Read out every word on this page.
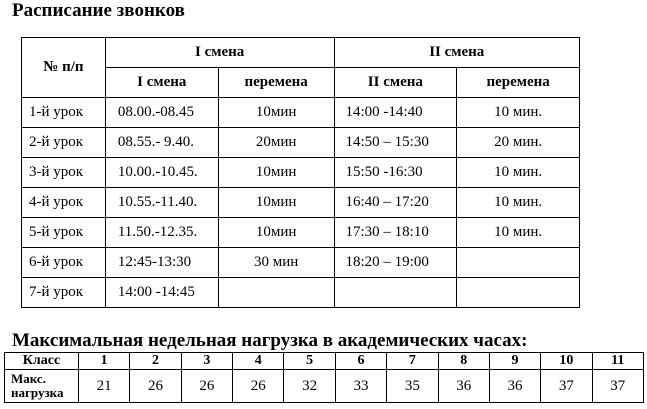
Расписание звонков
№ п/п	I смена		II смена	
	I смена	перемена	II смена	перемена
1-й урок	08.00.-08.45	10мин	14:00 -14:40	10 мин.
2-й урок	08.55.- 9.40.	20мин	14:50 – 15:30	20 мин.
3-й урок	10.00.-10.45.	10мин	15:50 -16:30	10 мин.
4-й урок	10.55.-11.40.	10мин	16:40 – 17:20	10 мин.
5-й урок	11.50.-12.35.	10мин	17:30 – 18:10	10 мин.
6-й урок	12:45-13:30	30 мин	18:20 – 19:00	
7-й урок	14:00 -14:45			
Максимальная недельная нагрузка в академических часах:
Класс	1	2	3	4	5	6	7	8	9	10	11
Макс. нагрузка	21	26	26	26	32	33	35	36	36	37	37
